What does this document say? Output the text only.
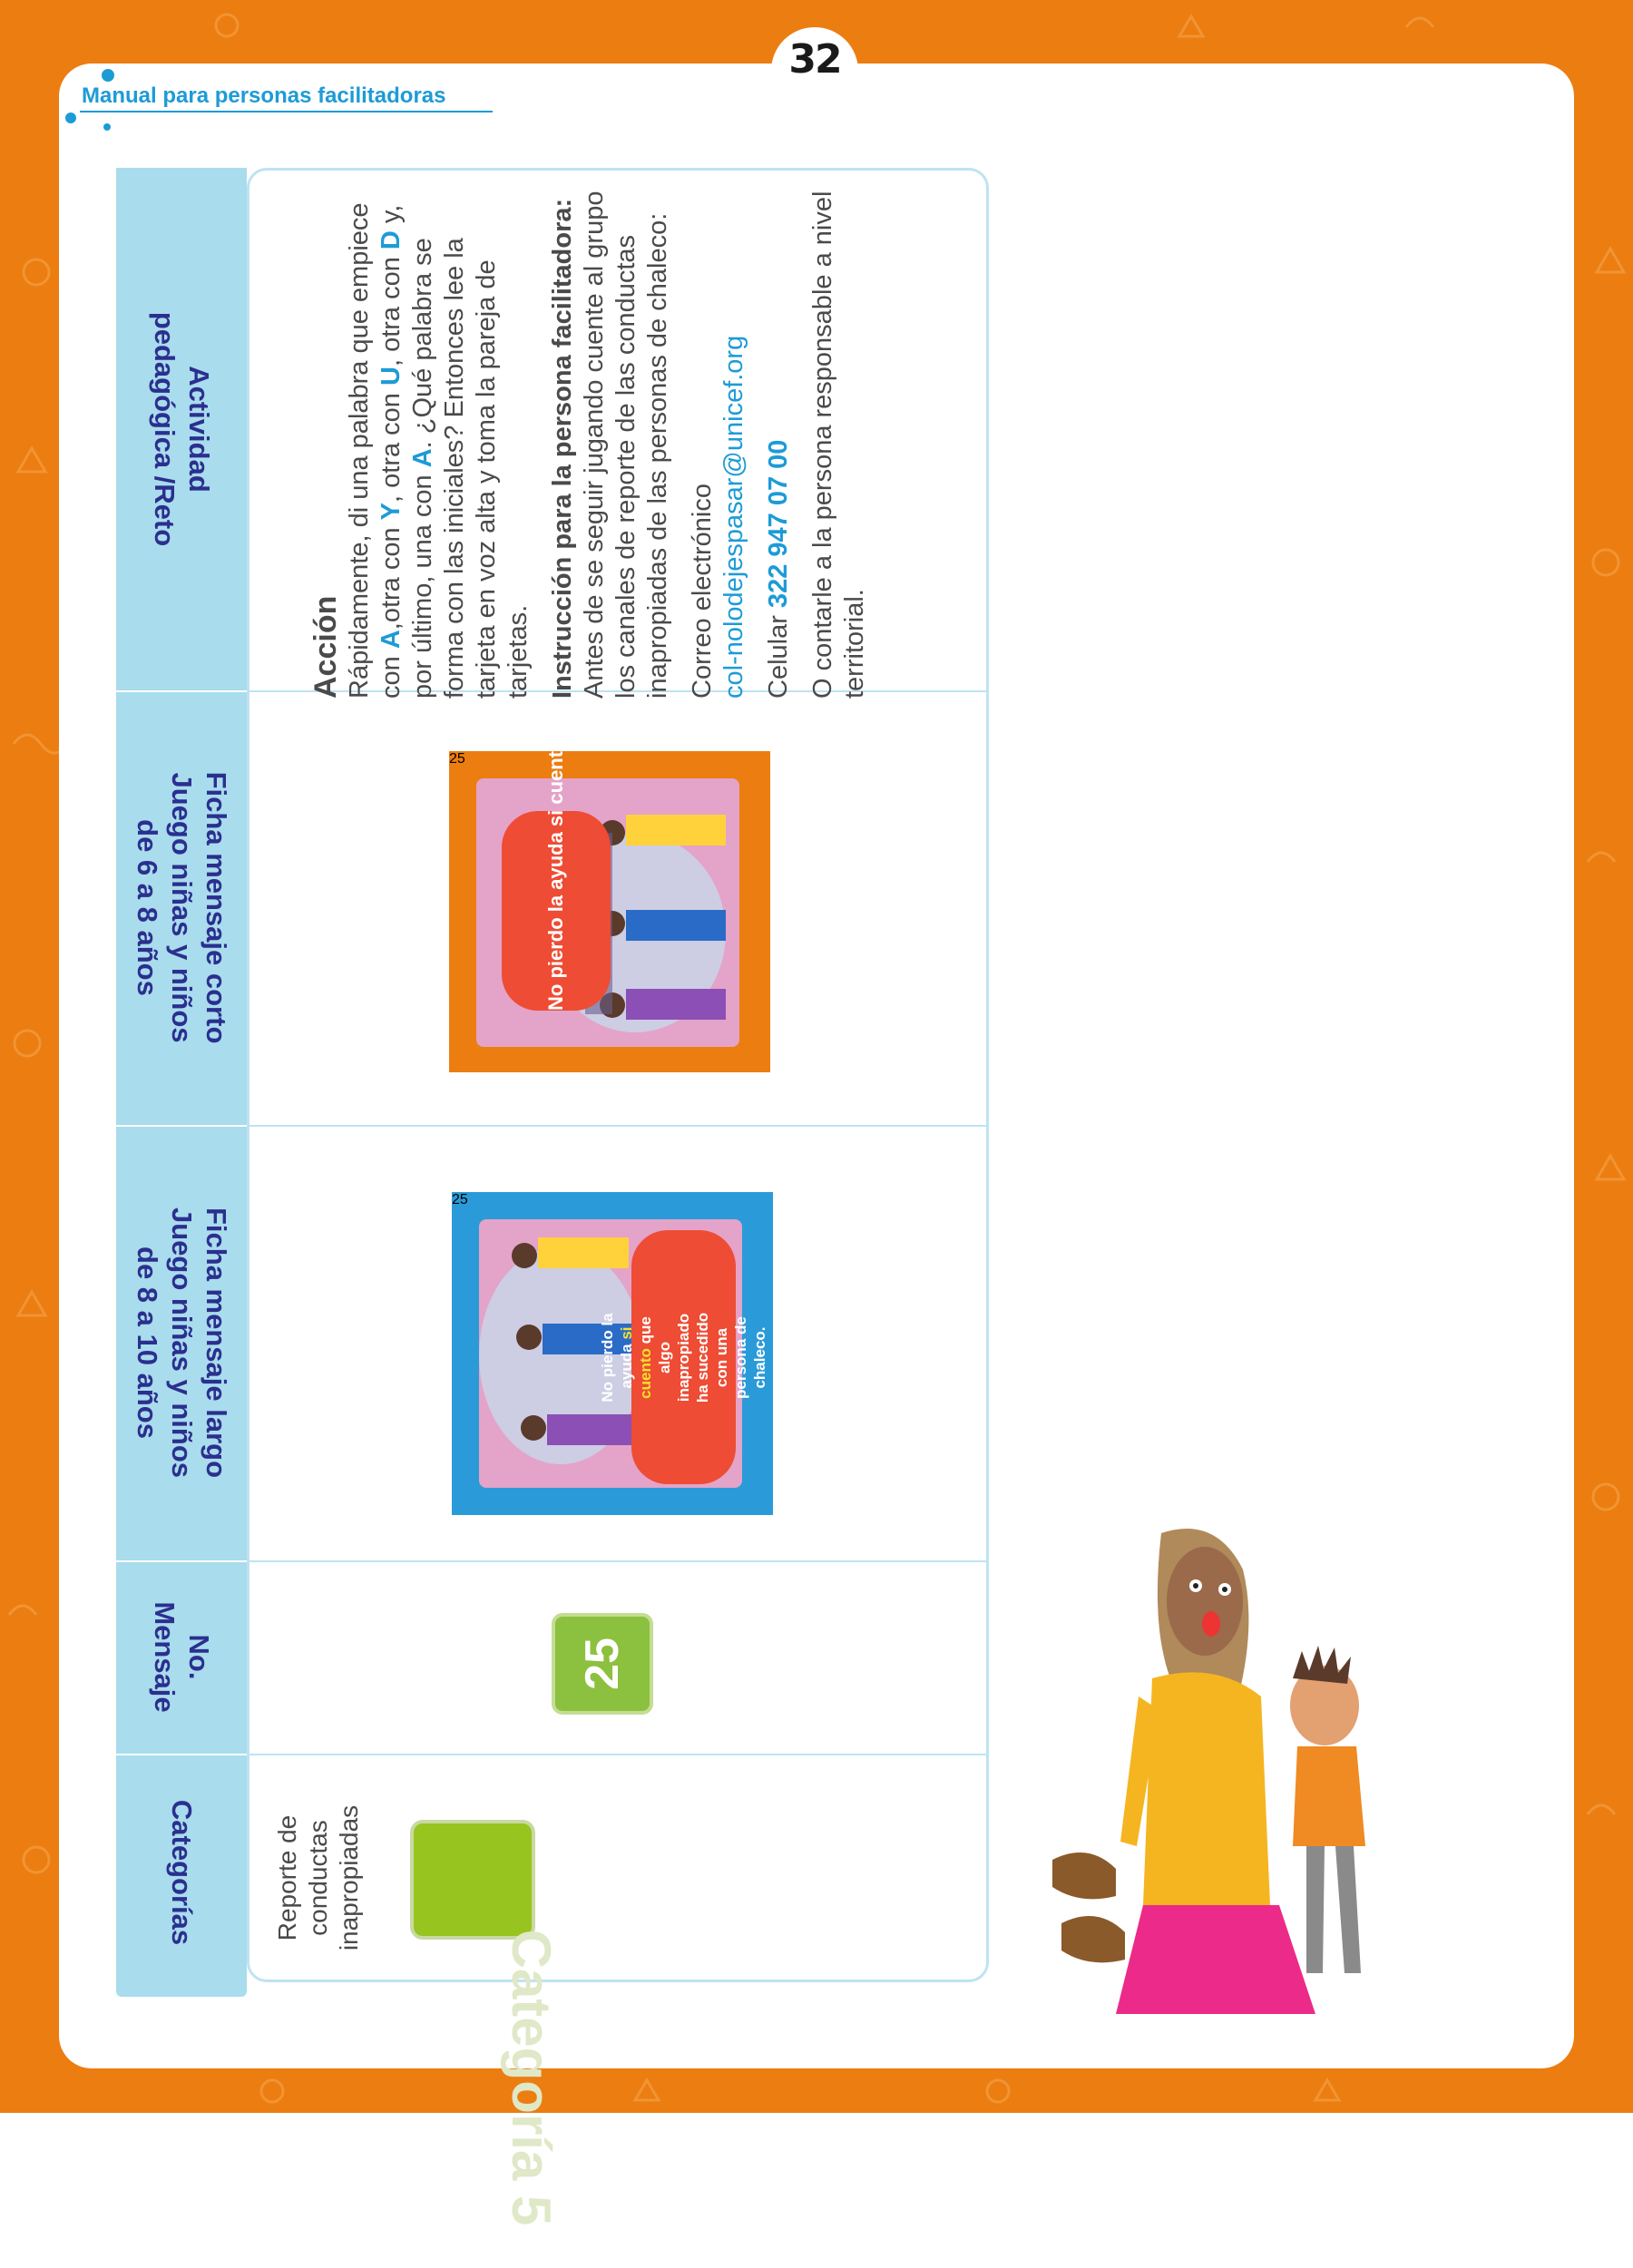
32
Manual para personas facilitadoras
Actividad
pedagógica /Reto
Ficha mensaje corto
Juego niñas y niños
de 6 a 8 años
Ficha mensaje largo
Juego niñas y niños
de 8 a 10 años
No.
Mensaje
Categorías
Acción Rápidamente, di una palabra que empiece con A,otra con Y, otra con U, otra con D y, por último, una con A. ¿Qué palabra se forma con las iniciales? Entonces lee la tarjeta en voz alta y toma la pareja de tarjetas. Instrucción para la persona facilitadora: Antes de se seguir jugando cuente al grupo los canales de reporte de las conductas inapropiadas de las personas de chaleco: Correo electrónico col-nolodejespasar@unicef.org Celular 322 947 07 00 O contarle a la persona responsable a nivel territorial.

No pierdo la ayuda si cuento
25
No pierdo la ayuda si cuento que algo inapropiado ha sucedido con una persona de chaleco.
25
25
Reporte de
conductas
inapropiadas
Categoría 5
